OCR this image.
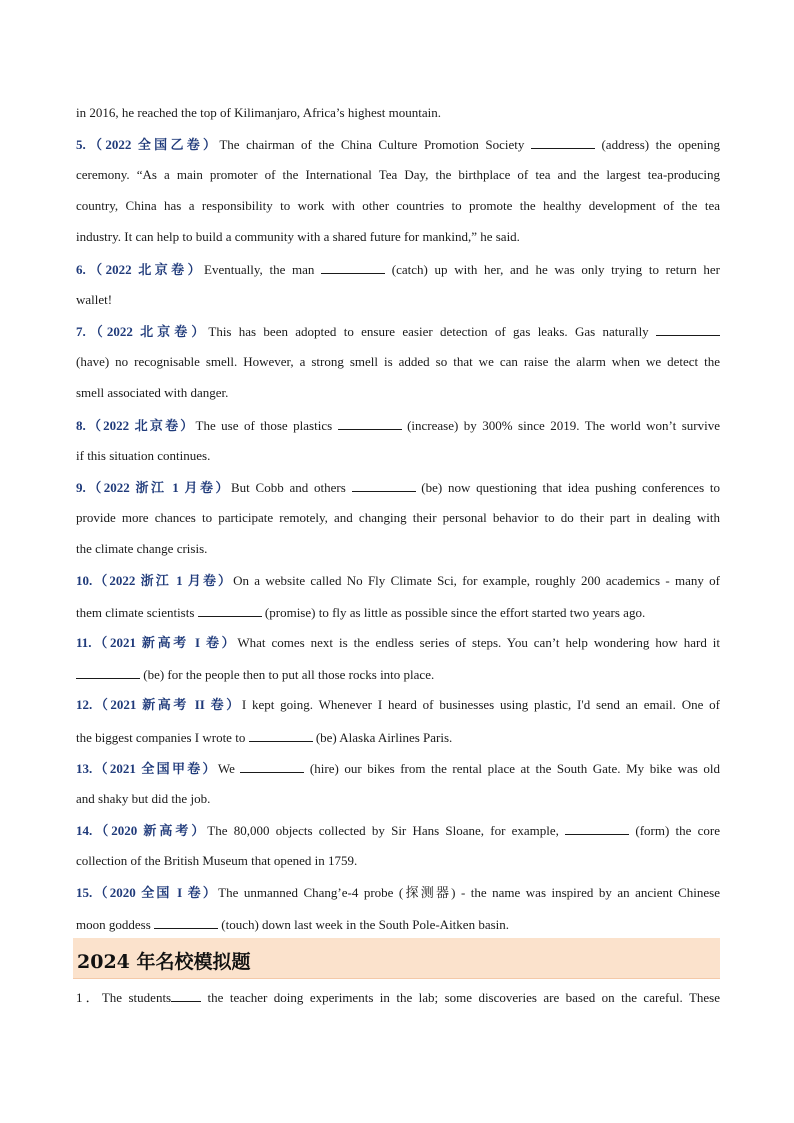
in 2016, he reached the top of Kilimanjaro, Africa’s highest mountain.
5.（2022 全国乙卷）The chairman of the China Culture Promotion Society	(address) the opening
ceremony. “As a main promoter of the International Tea Day, the birthplace of tea and the largest tea-producing
country, China has a responsibility to work with other countries to promote the healthy development of the tea
industry. It can help to build a community with a shared future for mankind,” he said.
6.（2022 北京卷）Eventually, the man	(catch) up with her, and he was only trying to return her
wallet!
7.（2022 北京卷）This has been adopted to ensure easier detection of gas leaks. Gas naturally
(have) no recognisable smell. However, a strong smell is added so that we can raise the alarm when we detect the
smell associated with danger.
8.（2022 北京卷）The use of those plastics	(increase) by 300% since 2019. The world won’t survive
if this situation continues.
9.（2022 浙江 1 月卷）But Cobb and others	(be) now questioning that idea pushing conferences to
provide more chances to participate remotely, and changing their personal behavior to do their part in dealing with
the climate change crisis.
10.（2022 浙江 1 月卷）On a website called No Fly Climate Sci, for example, roughly 200 academics - many of
them climate scientists	(promise) to fly as little as possible since the effort started two years ago.
11.（2021 新高考 I 卷）What comes next is the endless series of steps. You can’t help wondering how hard it
(be) for the people then to put all those rocks into place.
12.（2021 新高考 II 卷）I kept going. Whenever I heard of businesses using plastic, I'd send an email. One of
the biggest companies I wrote to	(be) Alaska Airlines Paris.
13.（2021 全国甲卷）We	(hire) our bikes from the rental place at the South Gate. My bike was old
and shaky but did the job.
14.（2020 新高考）The 80,000 objects collected by Sir Hans Sloane, for example,	(form) the core
collection of the British Museum that opened in 1759.
15.（2020 全国 I 卷）The unmanned Chang’e-4 probe (探测器) - the name was inspired by an ancient Chinese
moon goddess	(touch) down last week in the South Pole-Aitken basin.
1．The students the teacher doing experiments in the lab; some discoveries are based on the careful. These
2024 年名校模拟题
